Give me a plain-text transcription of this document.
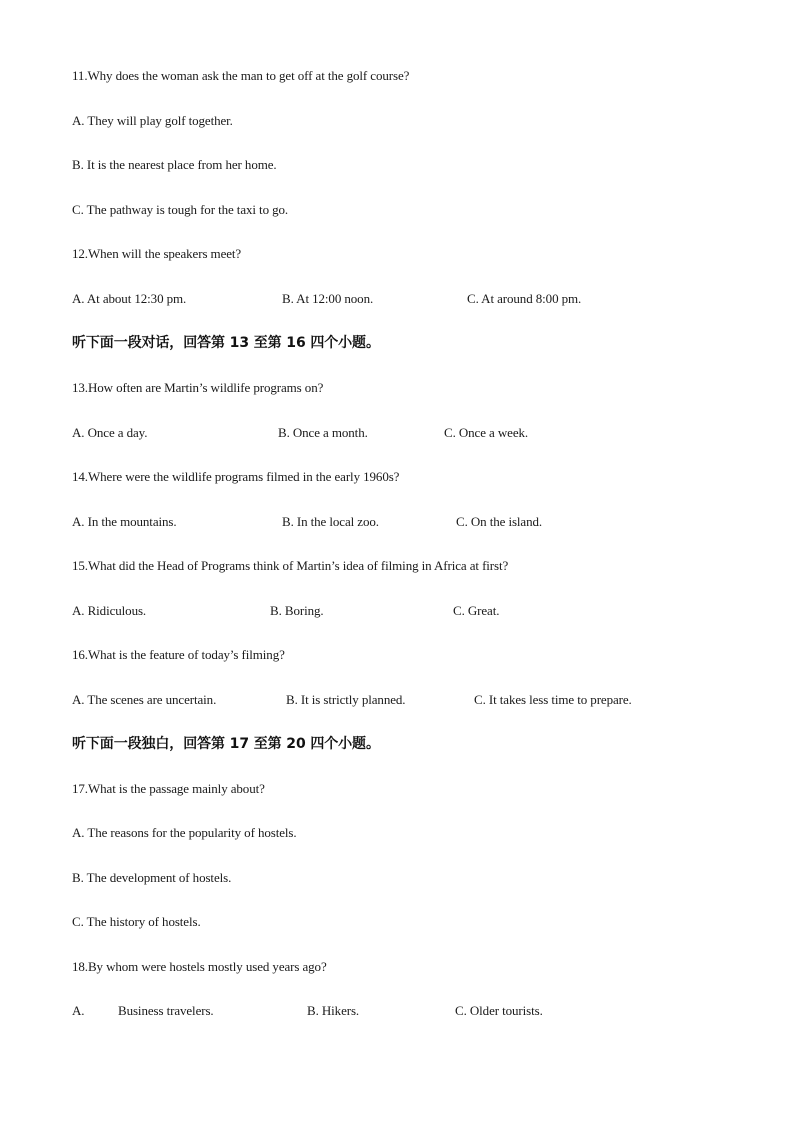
11.Why does the woman ask the man to get off at the golf course?
A. They will play golf together.
B. It is the nearest place from her home.
C. The pathway is tough for the taxi to go.
12.When will the speakers meet?
A. At about 12:30 pm.	B. At 12:00 noon.	C. At around 8:00 pm.
听下面一段对话，回答第 13 至第 16 四个小题。
13.How often are Martin’s wildlife programs on?
A. Once a day.	B. Once a month.	C. Once a week.
14.Where were the wildlife programs filmed in the early 1960s?
A. In the mountains.	B. In the local zoo.	C. On the island.
15.What did the Head of Programs think of Martin’s idea of filming in Africa at first?
A. Ridiculous.	B. Boring.	C. Great.
16.What is the feature of today’s filming?
A. The scenes are uncertain.	B. It is strictly planned.	C. It takes less time to prepare.
听下面一段独白，回答第 17 至第 20 四个小题。
17.What is the passage mainly about?
A. The reasons for the popularity of hostels.
B. The development of hostels.
C. The history of hostels.
18.By whom were hostels mostly used years ago?
A.	Business travelers.	B. Hikers.	C. Older tourists.
